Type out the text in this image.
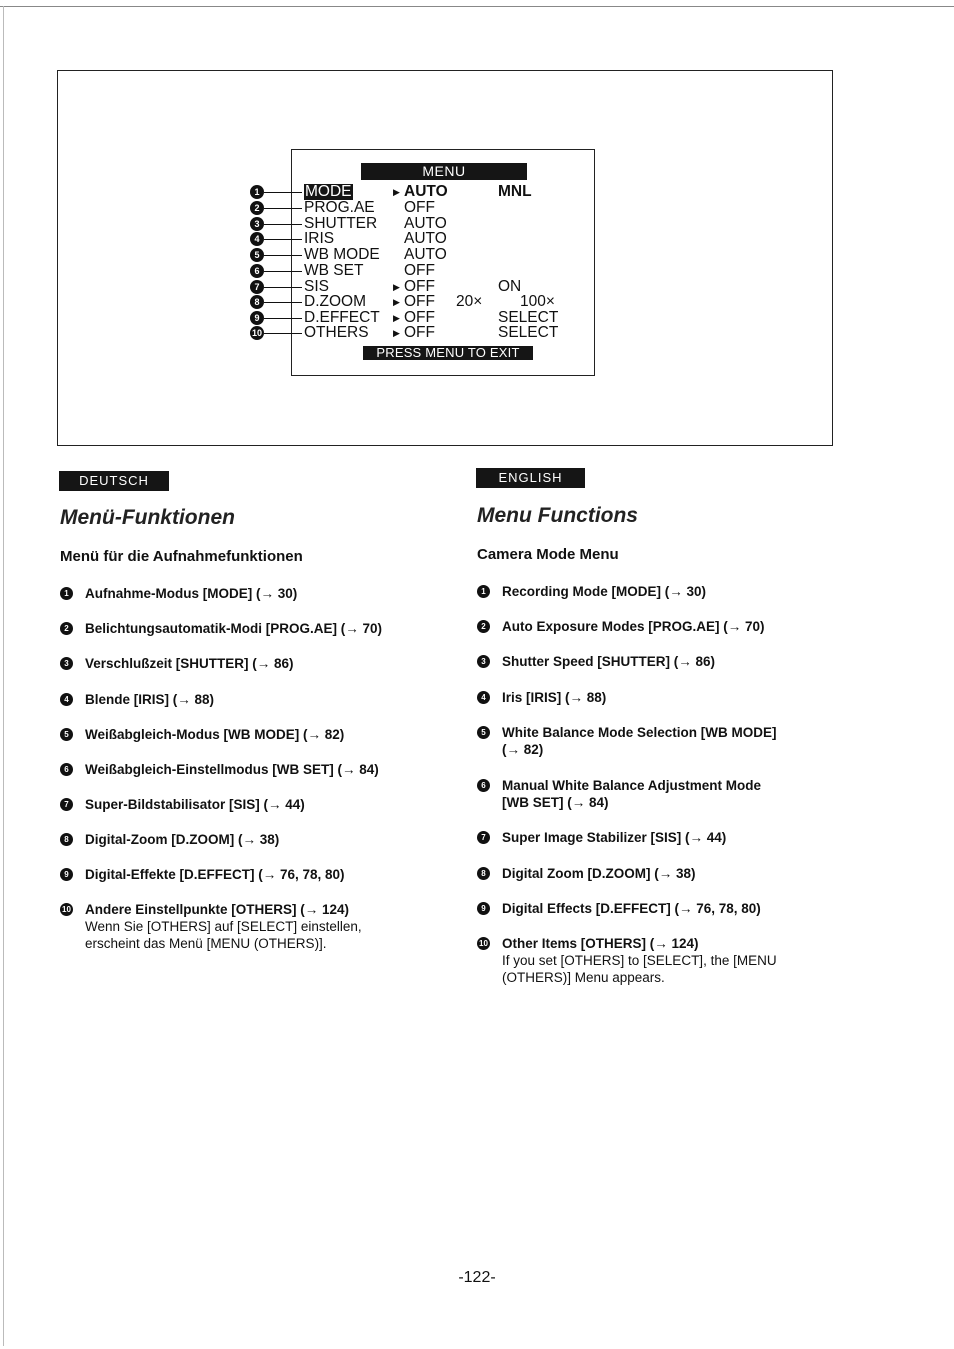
MENU
1	MODE	▶ AUTO	MNL
2	PROG.AE OFF
3	SHUTTER AUTO
4	IRIS	AUTO
5	WB MODE AUTO
6	WB SET	OFF
7	SIS	▶ OFF	ON
8	D.ZOOM	▶ OFF 20× 100×
9	D.EFFECT ▶ OFF	SELECT
10	OTHERS	▶ OFF	SELECT
PRESS MENU TO EXIT
DEUTSCH
Menü-Funktionen
Menü für die Aufnahmefunktionen
1	Aufnahme-Modus [MODE] (→ 30)
2	Belichtungsautomatik-Modi [PROG.AE] (→ 70)
3	Verschlußzeit [SHUTTER] (→ 86)
4	Blende [IRIS] (→ 88)
5	Weißabgleich-Modus [WB MODE] (→ 82)
6	Weißabgleich-Einstellmodus [WB SET] (→ 84)
7	Super-Bildstabilisator [SIS] (→ 44)
8	Digital-Zoom [D.ZOOM] (→ 38)
9	Digital-Effekte [D.EFFECT] (→ 76, 78, 80)
10 Andere Einstellpunkte [OTHERS] (→ 124)
Wenn Sie [OTHERS] auf [SELECT] einstellen, erscheint das Menü [MENU (OTHERS)].
ENGLISH
Menu Functions
Camera Mode Menu
1	Recording Mode [MODE] (→ 30)
2	Auto Exposure Modes [PROG.AE] (→ 70)
3	Shutter Speed [SHUTTER] (→ 86)
4	Iris [IRIS] (→ 88)
5	White Balance Mode Selection [WB MODE] (→ 82)
6	Manual White Balance Adjustment Mode [WB SET] (→ 84)
7	Super Image Stabilizer [SIS] (→ 44)
8	Digital Zoom [D.ZOOM] (→ 38)
9	Digital Effects [D.EFFECT] (→ 76, 78, 80)
10 Other Items [OTHERS] (→ 124)
If you set [OTHERS] to [SELECT], the [MENU (OTHERS)] Menu appears.
-122-
